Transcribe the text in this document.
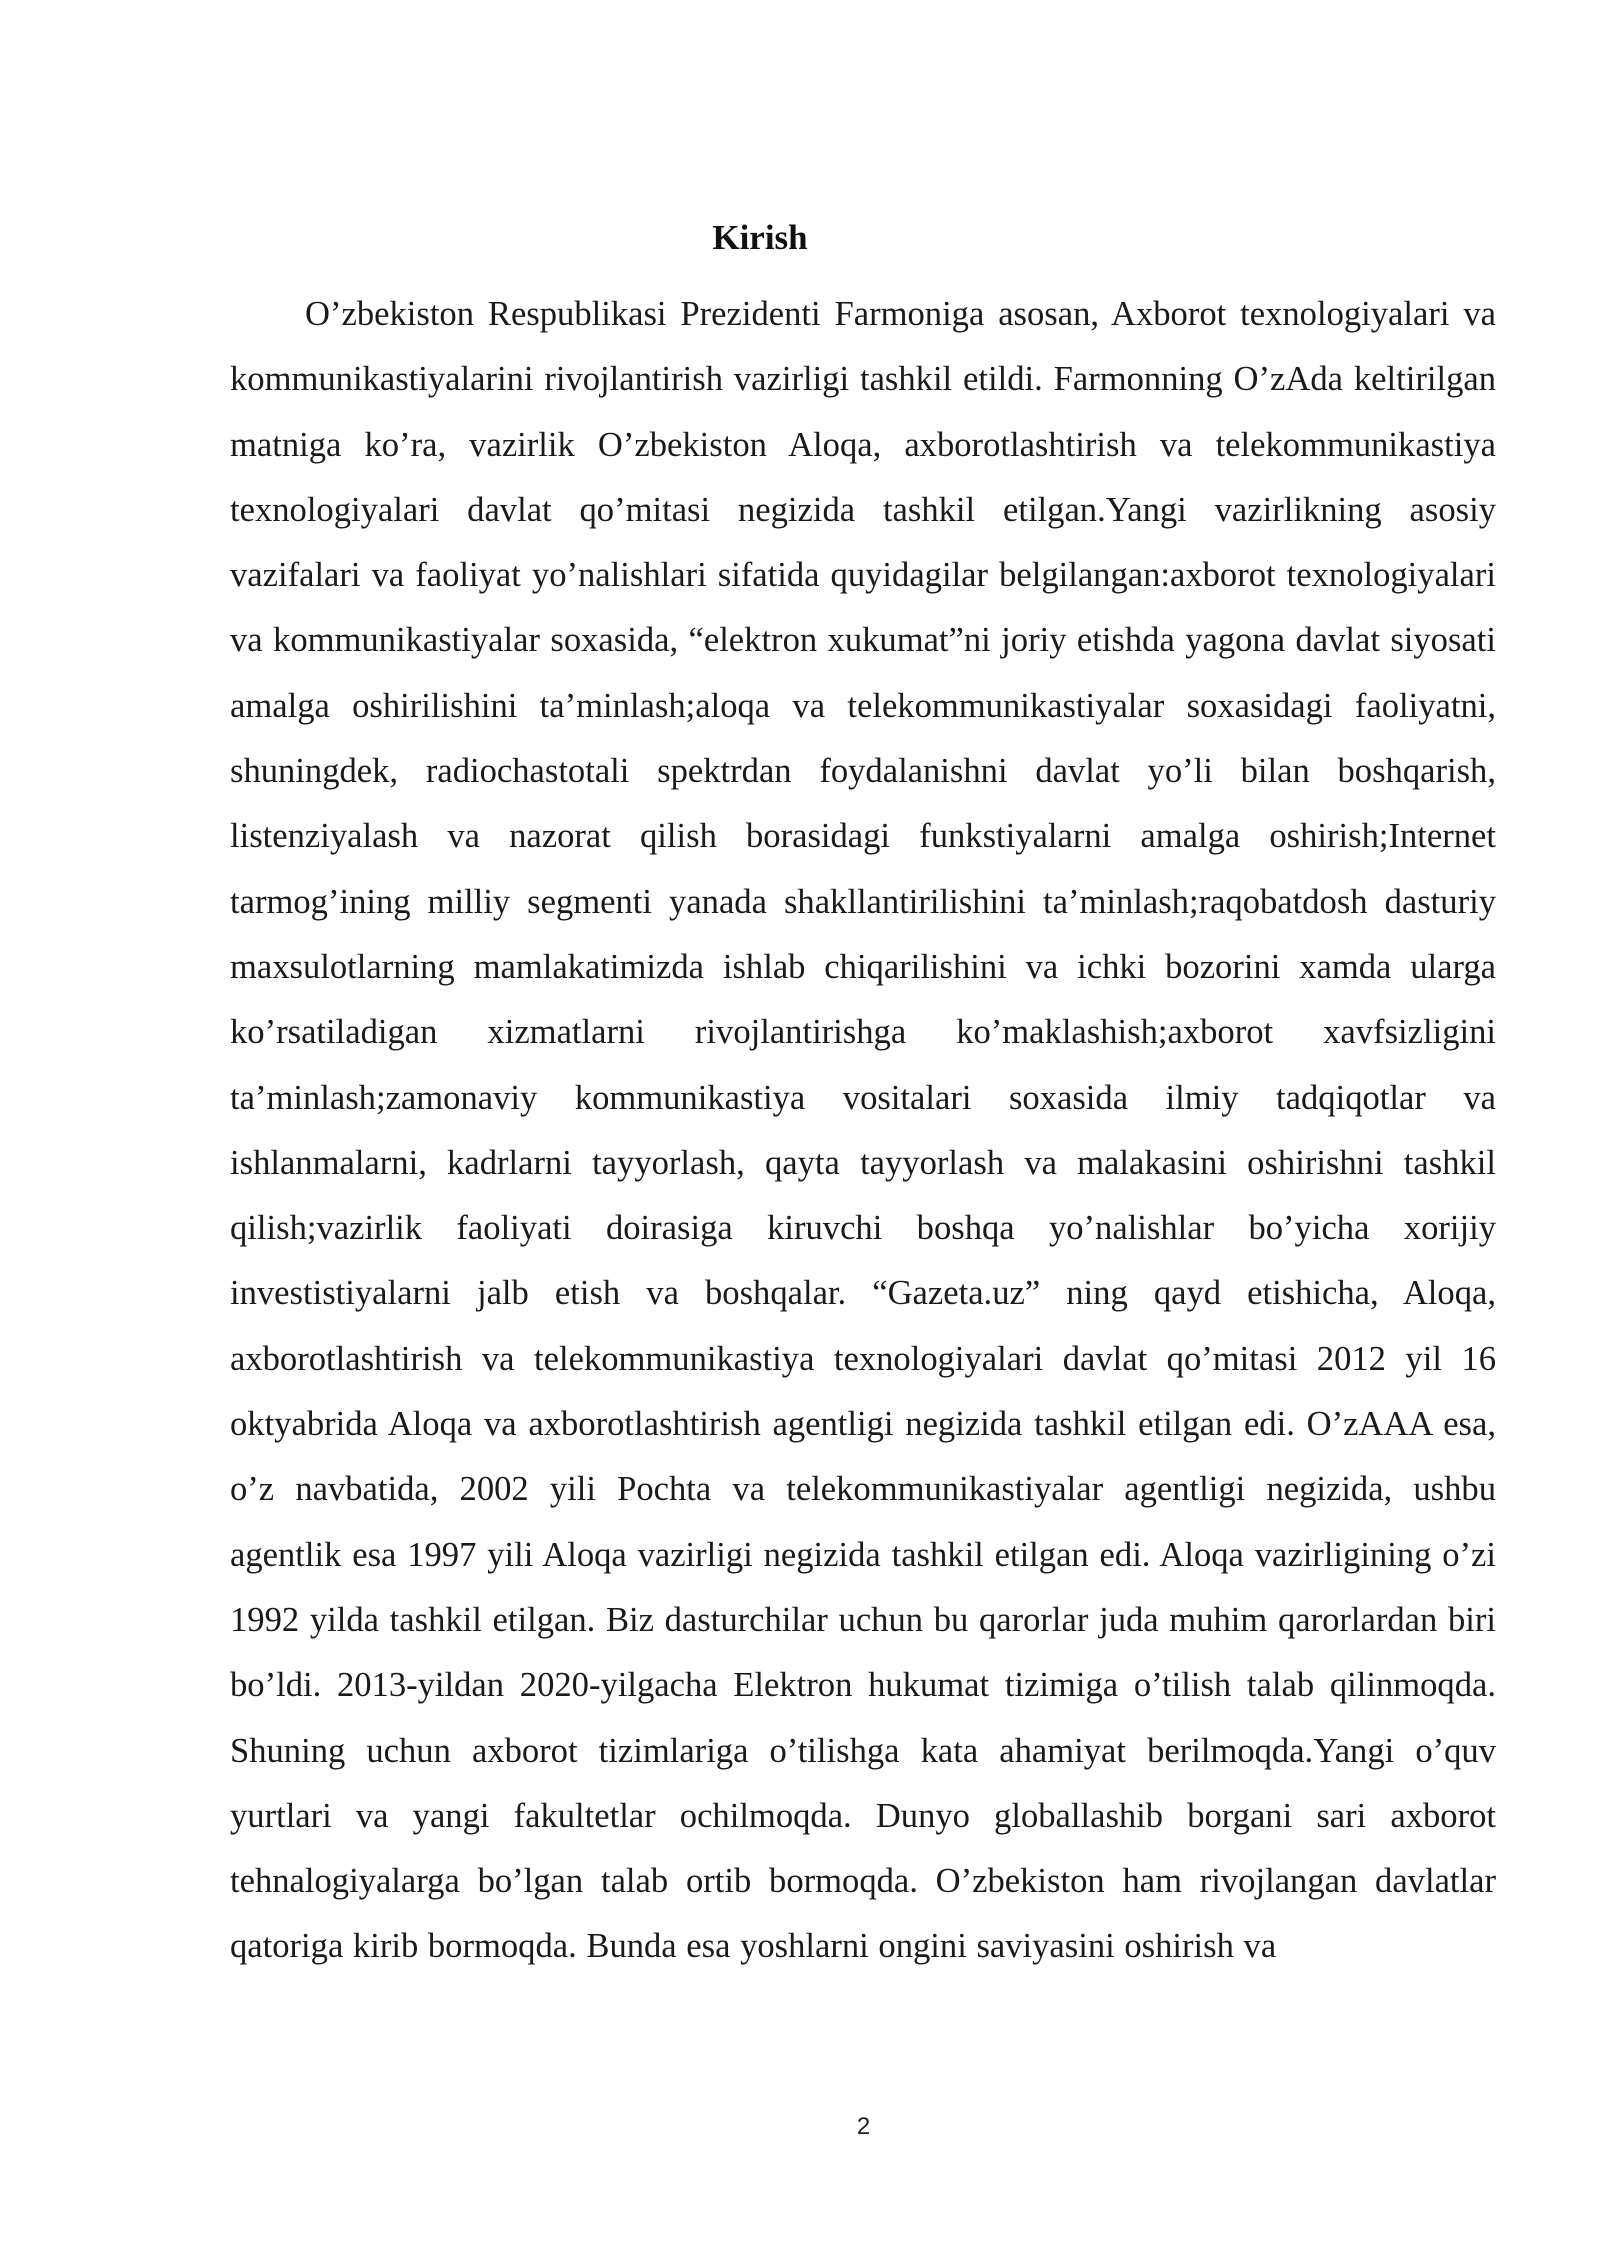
Kirish

O’zbekiston Respublikasi Prezidenti Farmoniga asosan, Axborot texnologiyalari va kommunikastiyalarini rivojlantirish vazirligi tashkil etildi. Farmonning O’zAda keltirilgan matniga ko’ra, vazirlik O’zbekiston Aloqa, axborotlashtirish va telekommunikastiya texnologiyalari davlat qo’mitasi negizida tashkil etilgan.Yangi vazirlikning asosiy vazifalari va faoliyat yo’nalishlari sifatida quyidagilar belgilangan:axborot texnologiyalari va kommunikastiyalar soxasida, “elektron xukumat”ni joriy etishda yagona davlat siyosati amalga oshirilishini ta’minlash;aloqa va telekommunikastiyalar soxasidagi faoliyatni, shuningdek, radiochastotali spektrdan foydalanishni davlat yo’li bilan boshqarish, listenziyalash va nazorat qilish borasidagi funkstiyalarni amalga oshirish;Internet tarmog’ining milliy segmenti yanada shakllantirilishini ta’minlash;raqobatdosh dasturiy maxsulotlarning mamlakatimizda ishlab chiqarilishini va ichki bozorini xamda ularga ko’rsatiladigan xizmatlarni rivojlantirishga ko’maklashish;axborot xavfsizligini ta’minlash;zamonaviy kommunikastiya vositalari soxasida ilmiy tadqiqotlar va ishlanmalarni, kadrlarni tayyorlash, qayta tayyorlash va malakasini oshirishni tashkil qilish;vazirlik faoliyati doirasiga kiruvchi boshqa yo’nalishlar bo’yicha xorijiy investistiyalarni jalb etish va boshqalar. “Gazeta.uz” ning qayd etishicha, Aloqa, axborotlashtirish va telekommunikastiya texnologiyalari davlat qo’mitasi 2012 yil 16 oktyabrida Aloqa va axborotlashtirish agentligi negizida tashkil etilgan edi. O’zAAA esa, o’z navbatida, 2002 yili Pochta va telekommunikastiyalar agentligi negizida, ushbu agentlik esa 1997 yili Aloqa vazirligi negizida tashkil etilgan edi. Aloqa vazirligining o’zi 1992 yilda tashkil etilgan. Biz dasturchilar uchun bu qarorlar juda muhim qarorlardan biri bo’ldi. 2013-yildan 2020-yilgacha Elektron hukumat tizimiga o’tilish talab qilinmoqda. Shuning uchun axborot tizimlariga o’tilishga kata ahamiyat berilmoqda.Yangi o’quv yurtlari va yangi fakultetlar ochilmoqda. Dunyo globallashib borgani sari axborot tehnalogiyalarga bo’lgan talab ortib bormoqda. O’zbekiston ham rivojlangan davlatlar qatoriga kirib bormoqda. Bunda esa yoshlarni ongini saviyasini oshirish va

2
